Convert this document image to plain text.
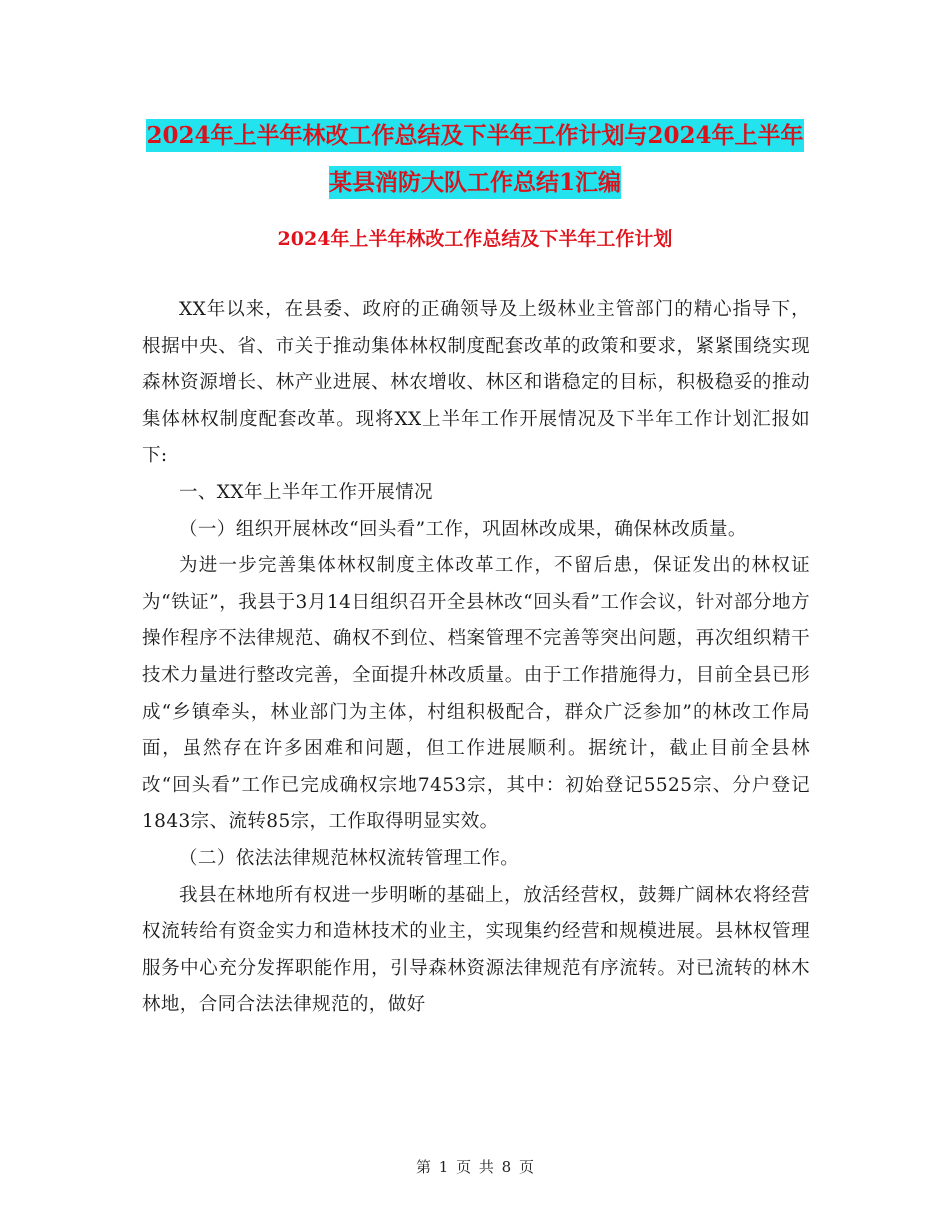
2024年上半年林改工作总结及下半年工作计划与2024年上半年某县消防大队工作总结1汇编
2024年上半年林改工作总结及下半年工作计划

XX年以来，在县委、政府的正确领导及上级林业主管部门的精心指导下，根据中央、省、市关于推动集体林权制度配套改革的政策和要求，紧紧围绕实现森林资源增长、林产业进展、林农增收、林区和谐稳定的目标，积极稳妥的推动集体林权制度配套改革。现将XX上半年工作开展情况及下半年工作计划汇报如下:

一、XX年上半年工作开展情况

（一）组织开展林改“回头看”工作，巩固林改成果，确保林改质量。

为进一步完善集体林权制度主体改革工作，不留后患，保证发出的林权证为“铁证”，我县于3月14日组织召开全县林改“回头看”工作会议，针对部分地方操作程序不法律规范、确权不到位、档案管理不完善等突出问题，再次组织精干技术力量进行整改完善，全面提升林改质量。由于工作措施得力，目前全县已形成“乡镇牵头，林业部门为主体，村组积极配合，群众广泛参加”的林改工作局面，虽然存在许多困难和问题，但工作进展顺利。据统计，截止目前全县林改“回头看”工作已完成确权宗地7453宗，其中：初始登记5525宗、分户登记1843宗、流转85宗，工作取得明显实效。

（二）依法法律规范林权流转管理工作。

我县在林地所有权进一步明晰的基础上，放活经营权，鼓舞广阔林农将经营权流转给有资金实力和造林技术的业主，实现集约经营和规模进展。县林权管理服务中心充分发挥职能作用，引导森林资源法律规范有序流转。对已流转的林木林地，合同合法法律规范的，做好

第 1 页 共 8 页
